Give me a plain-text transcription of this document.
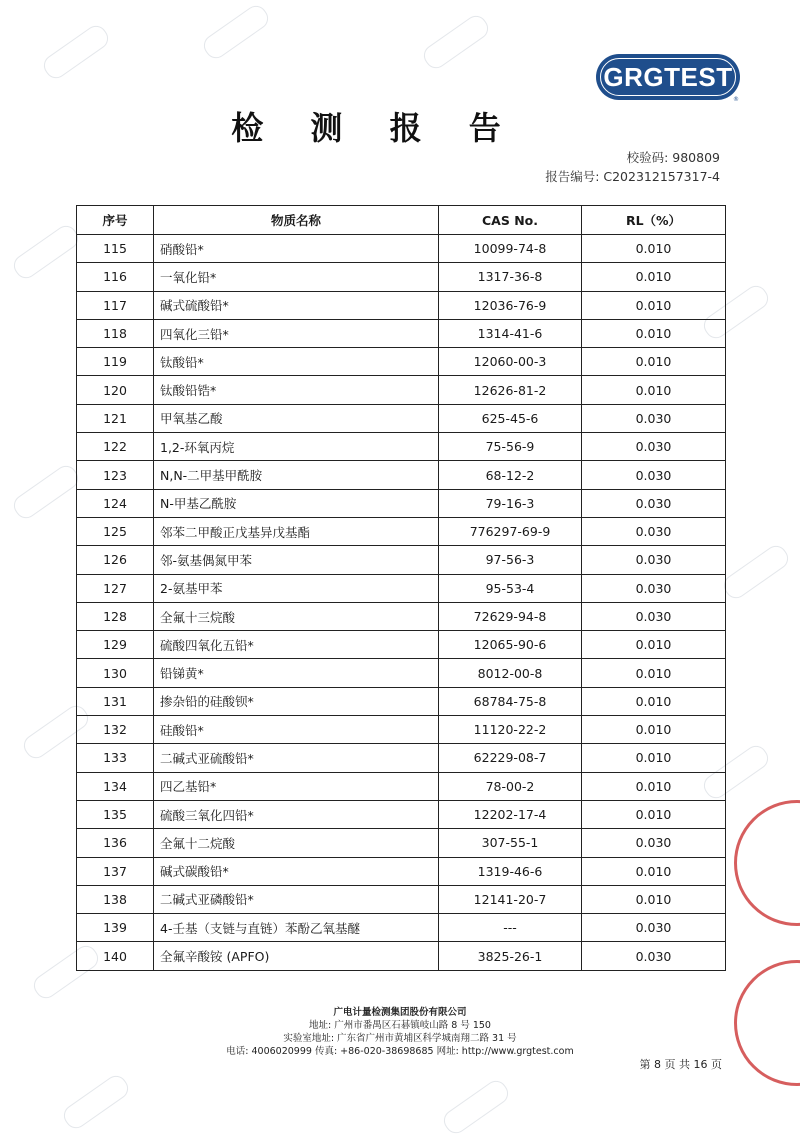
GRGTEST
®
检 测 报 告
校验码: 980809
报告编号: C202312157317-4
序号	物质名称	CAS No.	RL（%）
115	硝酸铅*	10099-74-8	0.010
116	一氧化铅*	1317-36-8	0.010
117	碱式硫酸铅*	12036-76-9	0.010
118	四氧化三铅*	1314-41-6	0.010
119	钛酸铅*	12060-00-3	0.010
120	钛酸铅锆*	12626-81-2	0.010
121	甲氧基乙酸	625-45-6	0.030
122	1,2-环氧丙烷	75-56-9	0.030
123	N,N-二甲基甲酰胺	68-12-2	0.030
124	N-甲基乙酰胺	79-16-3	0.030
125	邻苯二甲酸正戊基异戊基酯	776297-69-9	0.030
126	邻-氨基偶氮甲苯	97-56-3	0.030
127	2-氨基甲苯	95-53-4	0.030
128	全氟十三烷酸	72629-94-8	0.030
129	硫酸四氧化五铅*	12065-90-6	0.010
130	铅锑黄*	8012-00-8	0.010
131	掺杂铅的硅酸钡*	68784-75-8	0.010
132	硅酸铅*	11120-22-2	0.010
133	二碱式亚硫酸铅*	62229-08-7	0.010
134	四乙基铅*	78-00-2	0.010
135	硫酸三氧化四铅*	12202-17-4	0.010
136	全氟十二烷酸	307-55-1	0.030
137	碱式碳酸铅*	1319-46-6	0.010
138	二碱式亚磷酸铅*	12141-20-7	0.010
139	4-壬基（支链与直链）苯酚乙氧基醚	---	0.030
140	全氟辛酸铵 (APFO)	3825-26-1	0.030
广电计量检测集团股份有限公司
地址: 广州市番禺区石碁镇岐山路 8 号 150
实验室地址: 广东省广州市黄埔区科学城南翔二路 31 号
电话: 4006020999 传真: +86-020-38698685 网址: http://www.grgtest.com
第 8 页 共 16 页
